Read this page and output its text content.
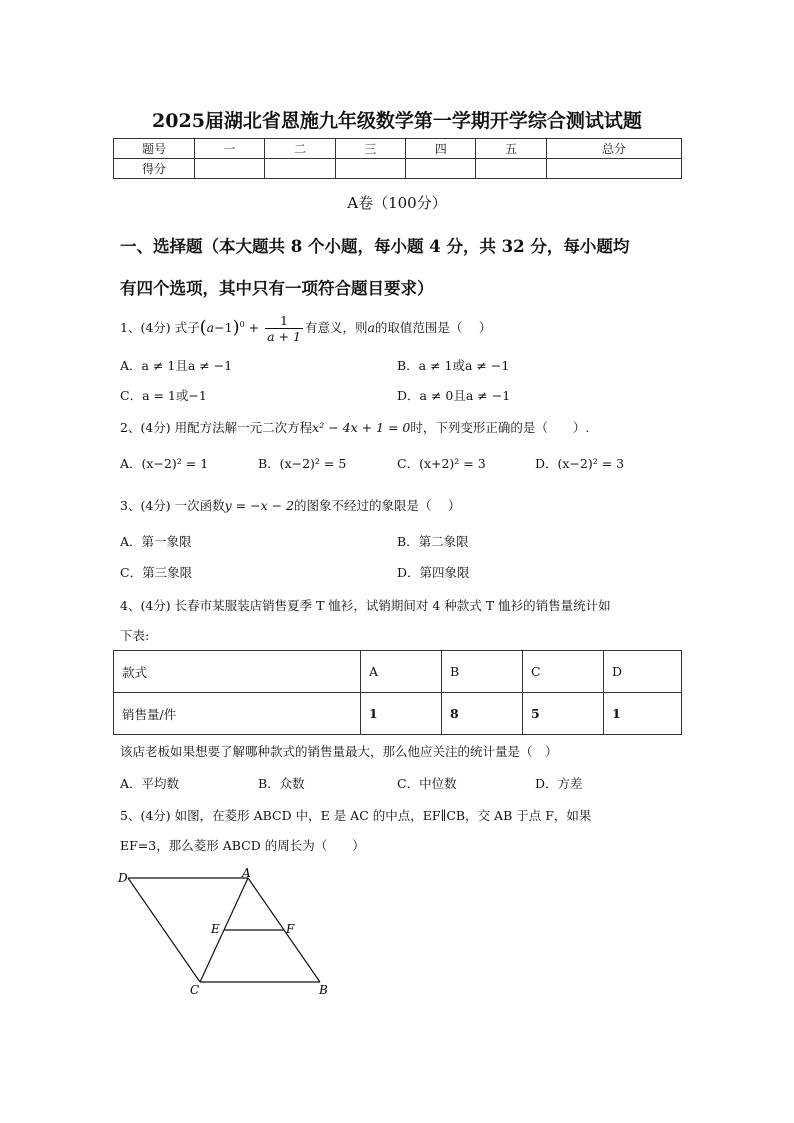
2025届湖北省恩施九年级数学第一学期开学综合测试试题
题号	一	二	三	四	五	总分
得分						
A卷（100分）
一、选择题（本大题共 8 个小题，每小题 4 分，共 32 分，每小题均
有四个选项，其中只有一项符合题目要求）
1、(4分) 式子$(a-1)^0 + \frac{1}{a + 1}$ 有意义，则a的取值范围是（　 ）
A．a ≠ 1且a ≠ −1	B．a ≠ 1或a ≠ −1
C．a = 1或−1	D．a ≠ 0且a ≠ −1
2、(4分) 用配方法解一元二次方程x² − 4x + 1 = 0时，下列变形正确的是（　　）.
A．(x−2)² = 1	B．(x−2)² = 5	C．(x+2)² = 3	D．(x−2)² = 3
3、(4分) 一次函数y = −x − 2的图象不经过的象限是（　 ）
A．第一象限	B．第二象限
C．第三象限	D．第四象限
4、(4分) 长春市某服装店销售夏季 T 恤衫，试销期间对 4 种款式 T 恤衫的销售量统计如
下表:
款式	A	B	C	D
销售量/件	1	8	5	1
该店老板如果想要了解哪种款式的销售量最大，那么他应关注的统计量是（　）
A．平均数	B．众数	C．中位数	D．方差
5、(4分) 如图，在菱形 ABCD 中，E 是 AC 的中点，EF∥CB，交 AB 于点 F，如果
EF=3，那么菱形 ABCD 的周长为（　　）
D	A
E	F
C	B
